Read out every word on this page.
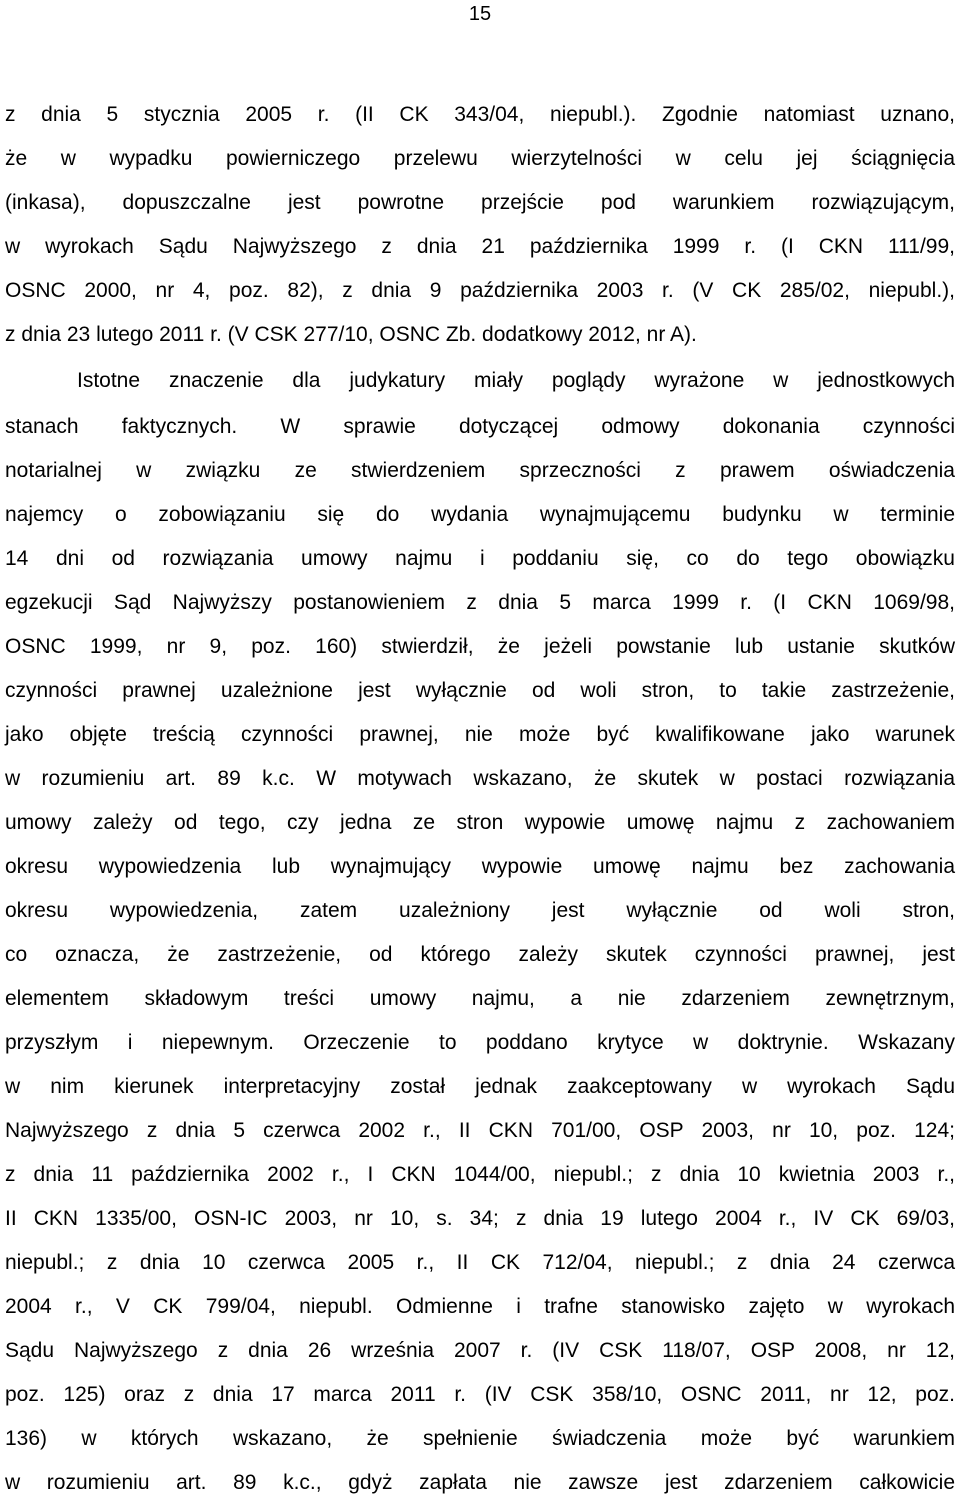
15
z dnia 5 stycznia 2005 r. (II CK 343/04, niepubl.). Zgodnie natomiast uznano,
że w wypadku powierniczego przelewu wierzytelności w celu jej ściągnięcia
(inkasa), dopuszczalne jest powrotne przejście pod warunkiem rozwiązującym,
w wyrokach Sądu Najwyższego z dnia 21 października 1999 r. (I CKN 111/99,
OSNC 2000, nr 4, poz. 82), z dnia 9 października 2003 r. (V CK 285/02, niepubl.),
z dnia 23 lutego 2011 r. (V CSK 277/10, OSNC Zb. dodatkowy 2012, nr A).
Istotne znaczenie dla judykatury miały poglądy wyrażone w jednostkowych
stanach faktycznych. W sprawie dotyczącej odmowy dokonania czynności
notarialnej w związku ze stwierdzeniem sprzeczności z prawem oświadczenia
najemcy o zobowiązaniu się do wydania wynajmującemu budynku w terminie
14 dni od rozwiązania umowy najmu i poddaniu się, co do tego obowiązku
egzekucji Sąd Najwyższy postanowieniem z dnia 5 marca 1999 r. (I CKN 1069/98,
OSNC 1999, nr 9, poz. 160) stwierdził, że jeżeli powstanie lub ustanie skutków
czynności prawnej uzależnione jest wyłącznie od woli stron, to takie zastrzeżenie,
jako objęte treścią czynności prawnej, nie może być kwalifikowane jako warunek
w rozumieniu art. 89 k.c. W motywach wskazano, że skutek w postaci rozwiązania
umowy zależy od tego, czy jedna ze stron wypowie umowę najmu z zachowaniem
okresu wypowiedzenia lub wynajmujący wypowie umowę najmu bez zachowania
okresu wypowiedzenia, zatem uzależniony jest wyłącznie od woli stron,
co oznacza, że zastrzeżenie, od którego zależy skutek czynności prawnej, jest
elementem składowym treści umowy najmu, a nie zdarzeniem zewnętrznym,
przyszłym i niepewnym. Orzeczenie to poddano krytyce w doktrynie. Wskazany
w nim kierunek interpretacyjny został jednak zaakceptowany w wyrokach Sądu
Najwyższego z dnia 5 czerwca 2002 r., II CKN 701/00, OSP 2003, nr 10, poz. 124;
z dnia 11 października 2002 r., I CKN 1044/00, niepubl.; z dnia 10 kwietnia 2003 r.,
II CKN 1335/00, OSN-IC 2003, nr 10, s. 34; z dnia 19 lutego 2004 r., IV CK 69/03,
niepubl.; z dnia 10 czerwca 2005 r., II CK 712/04, niepubl.; z dnia 24 czerwca
2004 r., V CK 799/04, niepubl. Odmienne i trafne stanowisko zajęto w wyrokach
Sądu Najwyższego z dnia 26 września 2007 r. (IV CSK 118/07, OSP 2008, nr 12,
poz. 125) oraz z dnia 17 marca 2011 r. (IV CSK 358/10, OSNC 2011, nr 12, poz.
136) w których wskazano, że spełnienie świadczenia może być warunkiem
w rozumieniu art. 89 k.c., gdyż zapłata nie zawsze jest zdarzeniem całkowicie
